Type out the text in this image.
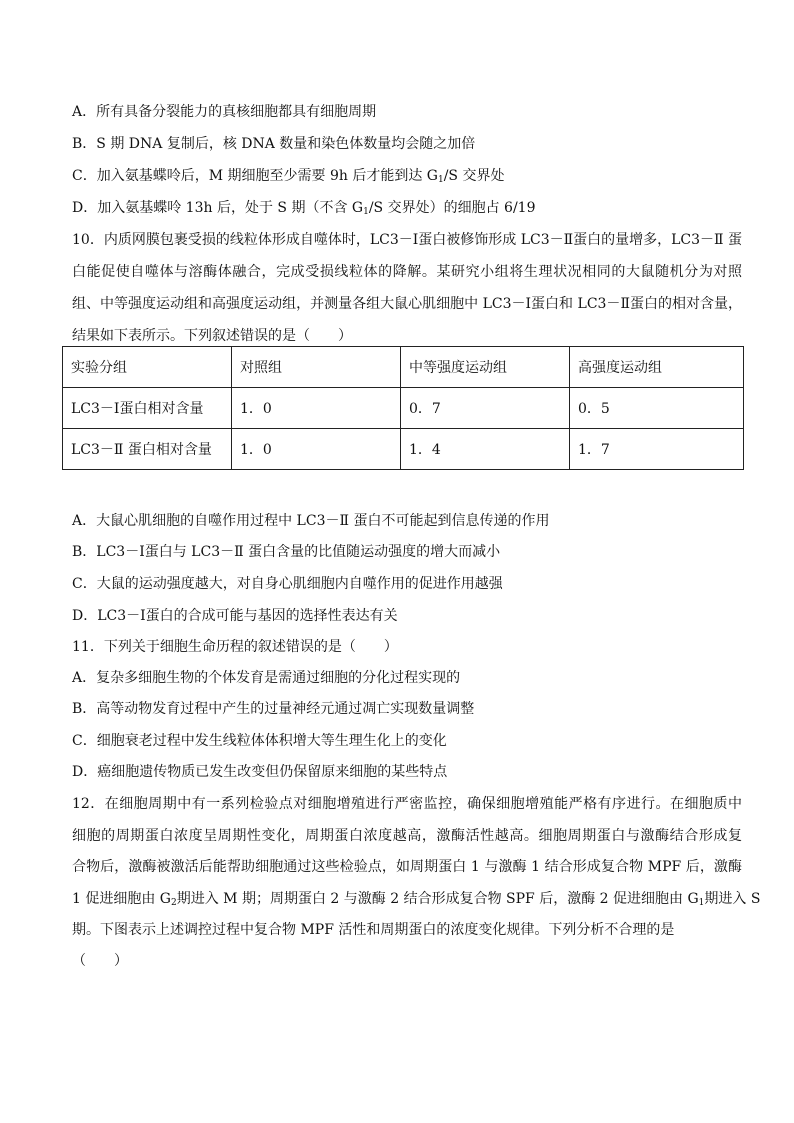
A．所有具备分裂能力的真核细胞都具有细胞周期
B．S 期 DNA 复制后，核 DNA 数量和染色体数量均会随之加倍
C．加入氨基蝶呤后，M 期细胞至少需要 9h 后才能到达 $G_1/S$ 交界处
D．加入氨基蝶呤 13h 后，处于 S 期（不含 $G_1/S$ 交界处）的细胞占 6/19
10．内质网膜包裹受损的线粒体形成自噬体时，LC3－Ⅰ蛋白被修饰形成 LC3－Ⅱ蛋白的量增多，LC3－Ⅱ 蛋
白能促使自噬体与溶酶体融合，完成受损线粒体的降解。某研究小组将生理状况相同的大鼠随机分为对照
组、中等强度运动组和高强度运动组，并测量各组大鼠心肌细胞中 LC3－Ⅰ蛋白和 LC3－Ⅱ蛋白的相对含量，
结果如下表所示。下列叙述错误的是（　　）
实验分组	对照组	中等强度运动组	高强度运动组
LC3－Ⅰ蛋白相对含量	1．0	0．7	0．5
LC3－Ⅱ 蛋白相对含量	1．0	1．4	1．7
A．大鼠心肌细胞的自噬作用过程中 LC3－Ⅱ 蛋白不可能起到信息传递的作用
B．LC3－Ⅰ蛋白与 LC3－Ⅱ 蛋白含量的比值随运动强度的增大而减小
C．大鼠的运动强度越大，对自身心肌细胞内自噬作用的促进作用越强
D．LC3－Ⅰ蛋白的合成可能与基因的选择性表达有关
11．下列关于细胞生命历程的叙述错误的是（　　）
A．复杂多细胞生物的个体发育是需通过细胞的分化过程实现的
B．高等动物发育过程中产生的过量神经元通过凋亡实现数量调整
C．细胞衰老过程中发生线粒体体积增大等生理生化上的变化
D．癌细胞遗传物质已发生改变但仍保留原来细胞的某些特点
12．在细胞周期中有一系列检验点对细胞增殖进行严密监控，确保细胞增殖能严格有序进行。在细胞质中
细胞的周期蛋白浓度呈周期性变化，周期蛋白浓度越高，激酶活性越高。细胞周期蛋白与激酶结合形成复
合物后，激酶被激活后能帮助细胞通过这些检验点，如周期蛋白 1 与激酶 1 结合形成复合物 MPF 后，激酶
1 促进细胞由 $G_2$期进入 M 期；周期蛋白 2 与激酶 2 结合形成复合物 SPF 后，激酶 2 促进细胞由 $G_1$期进入 S
期。下图表示上述调控过程中复合物 MPF 活性和周期蛋白的浓度变化规律。下列分析不合理的是
（　　）
